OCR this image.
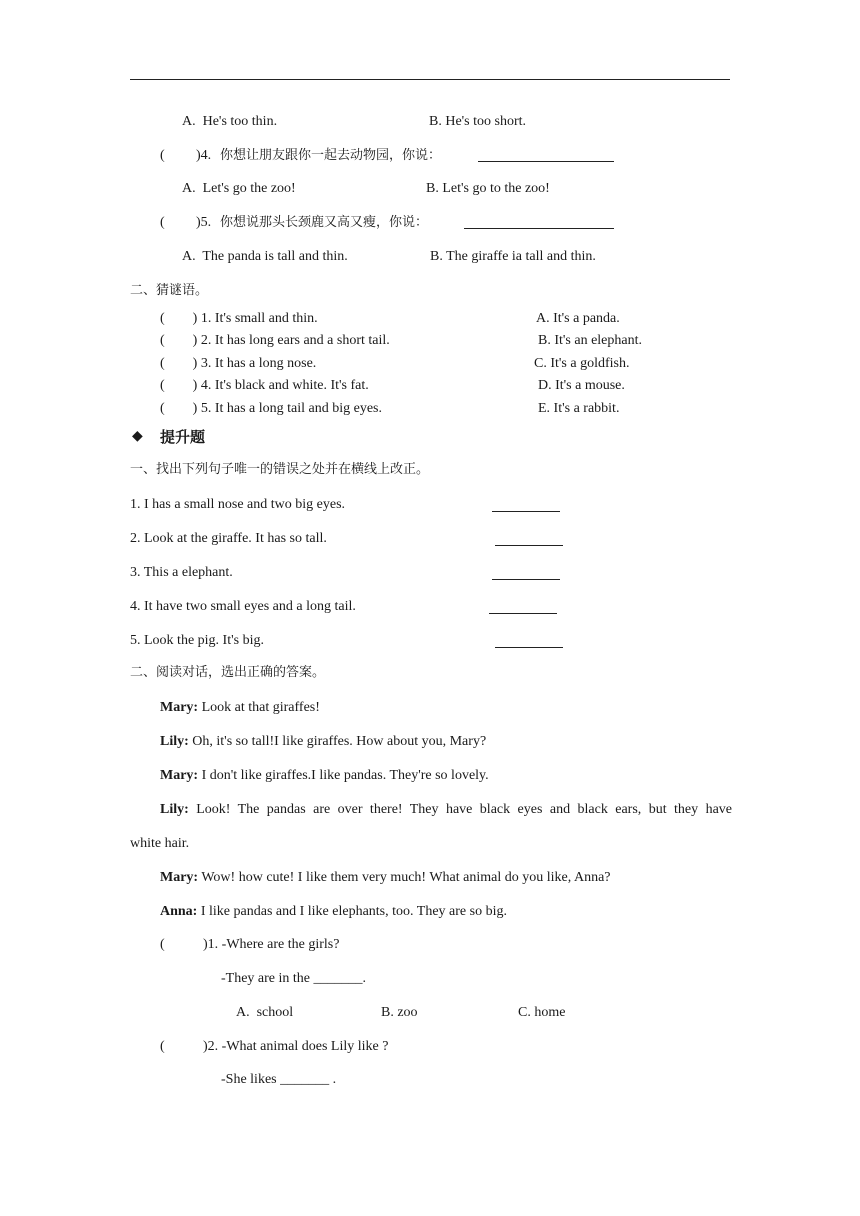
A.  He's too thin.	B. He's too short.
( )4. 你想让朋友跟你一起去动物园，你说：
A.  Let's go the zoo!	B. Let's go to the zoo!
( )5. 你想说那头长颈鹿又高又瘦，你说：
A.  The panda is tall and thin.	B. The giraffe ia tall and thin.
二、猜谜语。
(        ) 1. It's small and thin.	A. It's a panda.
(        ) 2. It has long ears and a short tail.	B. It's an elephant.
(        ) 3. It has a long nose.	C. It's a goldfish.
(        ) 4. It's black and white. It's fat.	D. It's a mouse.
(        ) 5. It has a long tail and big eyes.	E. It's a rabbit.
◆ 提升题
一、找出下列句子唯一的错误之处并在横线上改正。
1. I has a small nose and two big eyes.
2. Look at the giraffe. It has so tall.
3. This a elephant.
4. It have two small eyes and a long tail.
5. Look the pig. It's big.
二、阅读对话，选出正确的答案。
Mary: Look at that giraffes!
Lily: Oh, it's so tall!I like giraffes. How about you, Mary?
Mary: I don't like giraffes.I like pandas. They're so lovely.
Lily: Look! The pandas are over there! They have black eyes and black ears, but they have
white hair.
Mary: Wow! how cute! I like them very much! What animal do you like, Anna?
Anna: I like pandas and I like elephants, too. They are so big.
(	)1. -Where are the girls?
-They are in the _______.
A.  school	B. zoo	C. home
(	)2. -What animal does Lily like ?
-She likes _______ .
